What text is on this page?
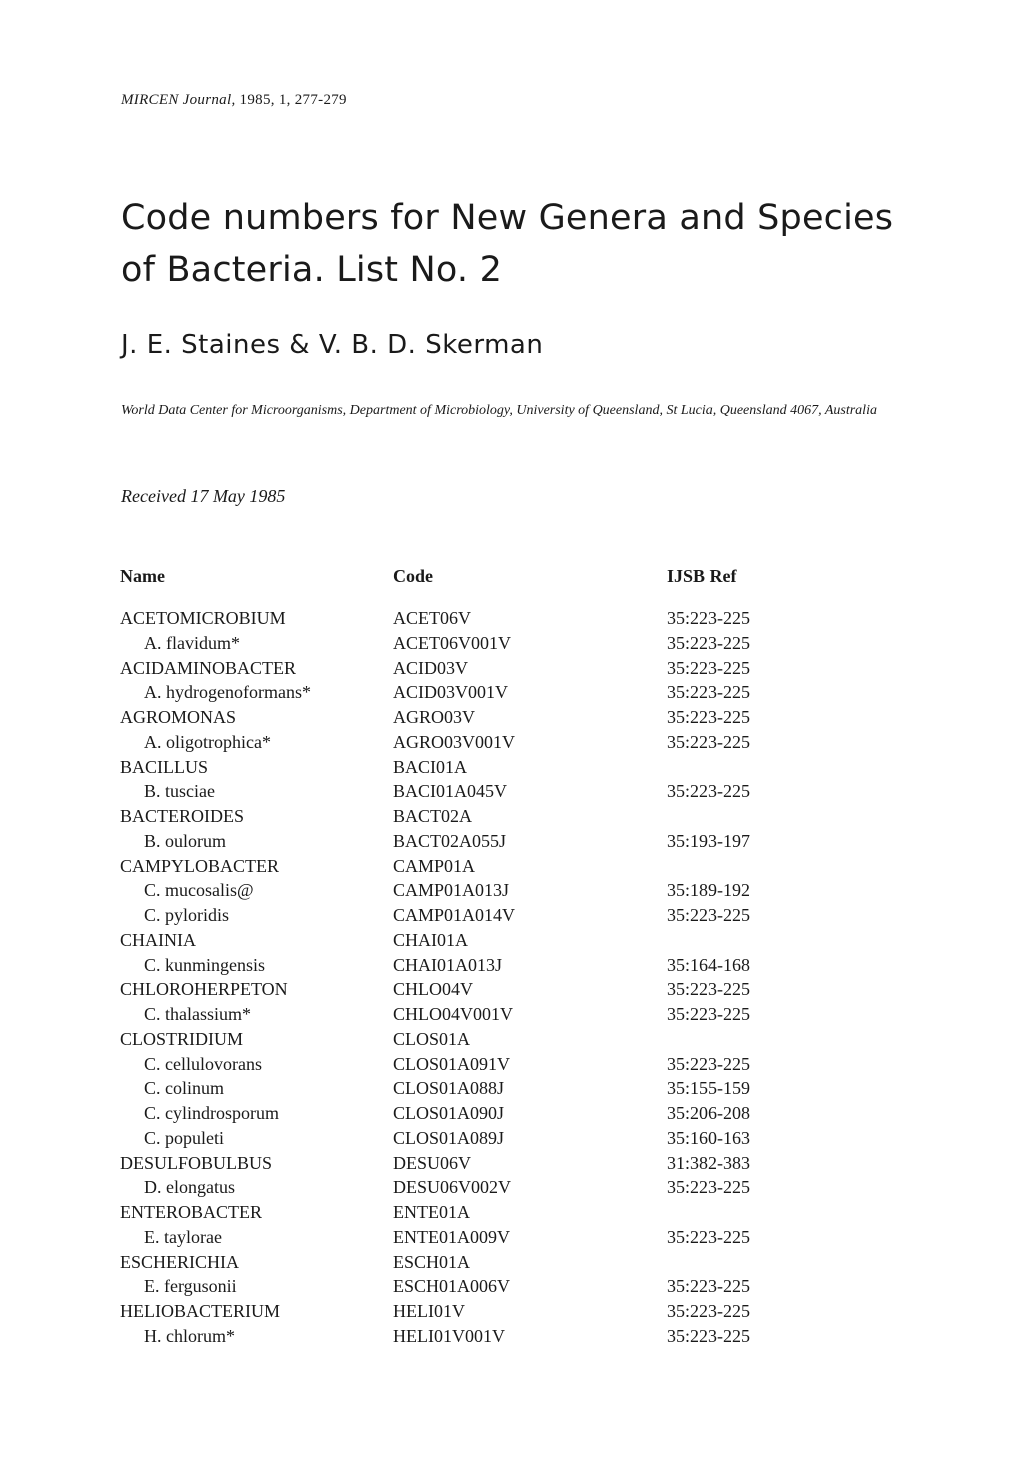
MIRCEN Journal, 1985, 1, 277-279
Code numbers for New Genera and Species of Bacteria. List No. 2
J. E. Staines & V. B. D. Skerman
World Data Center for Microorganisms, Department of Microbiology, University of Queensland, St Lucia, Queensland 4067, Australia
Received 17 May 1985
Name	Code	IJSB Ref
ACETOMICROBIUM	ACET06V	35:223-225
A. flavidum*	ACET06V001V	35:223-225
ACIDAMINOBACTER	ACID03V	35:223-225
A. hydrogenoformans*	ACID03V001V	35:223-225
AGROMONAS	AGRO03V	35:223-225
A. oligotrophica*	AGRO03V001V	35:223-225
BACILLUS	BACI01A	
B. tusciae	BACI01A045V	35:223-225
BACTEROIDES	BACT02A	
B. oulorum	BACT02A055J	35:193-197
CAMPYLOBACTER	CAMP01A	
C. mucosalis@	CAMP01A013J	35:189-192
C. pyloridis	CAMP01A014V	35:223-225
CHAINIA	CHAI01A	
C. kunmingensis	CHAI01A013J	35:164-168
CHLOROHERPETON	CHLO04V	35:223-225
C. thalassium*	CHLO04V001V	35:223-225
CLOSTRIDIUM	CLOS01A	
C. cellulovorans	CLOS01A091V	35:223-225
C. colinum	CLOS01A088J	35:155-159
C. cylindrosporum	CLOS01A090J	35:206-208
C. populeti	CLOS01A089J	35:160-163
DESULFOBULBUS	DESU06V	31:382-383
D. elongatus	DESU06V002V	35:223-225
ENTEROBACTER	ENTE01A	
E. taylorae	ENTE01A009V	35:223-225
ESCHERICHIA	ESCH01A	
E. fergusonii	ESCH01A006V	35:223-225
HELIOBACTERIUM	HELI01V	35:223-225
H. chlorum*	HELI01V001V	35:223-225
